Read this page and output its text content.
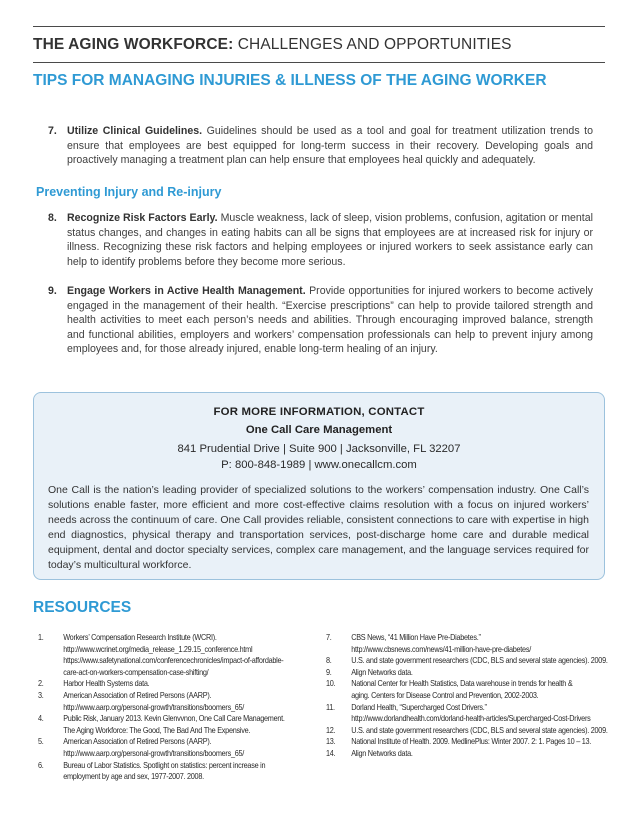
THE AGING WORKFORCE: CHALLENGES AND OPPORTUNITIES
TIPS FOR MANAGING INJURIES & ILLNESS OF THE AGING WORKER
7. Utilize Clinical Guidelines. Guidelines should be used as a tool and goal for treatment utilization trends to ensure that employees are best equipped for long-term success in their recovery. Developing goals and proactively managing a treatment plan can help ensure that employees heal quickly and adequately.
Preventing Injury and Re-injury
8. Recognize Risk Factors Early. Muscle weakness, lack of sleep, vision problems, confusion, agitation or mental status changes, and changes in eating habits can all be signs that employees are at increased risk for injury or illness. Recognizing these risk factors and helping employees or injured workers to seek assistance early can help to identify problems before they become more serious.
9. Engage Workers in Active Health Management. Provide opportunities for injured workers to become actively engaged in the management of their health. “Exercise prescriptions” can help to provide tailored strength and health activities to meet each person’s needs and abilities. Through encouraging improved balance, strength and functional abilities, employers and workers’ compensation professionals can help to prevent injury among employees and, for those already injured, enable long-term healing of an injury.
FOR MORE INFORMATION, CONTACT
One Call Care Management
841 Prudential Drive | Suite 900 | Jacksonville, FL 32207
P: 800-848-1989 | www.onecallcm.com
One Call is the nation’s leading provider of specialized solutions to the workers’ compensation industry. One Call’s solutions enable faster, more efficient and more cost-effective claims resolution with a focus on injured workers’ needs across the continuum of care. One Call provides reliable, consistent connections to care with expertise in high end diagnostics, physical therapy and transportation services, post-discharge home care and durable medical equipment, dental and doctor specialty services, complex care management, and the language services required for today’s multicultural workforce.
RESOURCES
1. Workers’ Compensation Research Institute (WCRI).
http://www.wcrinet.org/media_release_1.29.15_conference.html
https://www.safetynational.com/conferencechronicles/impact-of-affordable-
care-act-on-workers-compensation-case-shifting/
2. Harbor Health Systems data.
3. American Association of Retired Persons (AARP).
http://www.aarp.org/personal-growth/transitions/boomers_65/
4. Public Risk, January 2013. Kevin Glenvvnon, One Call Care Management.
The Aging Workforce: The Good, The Bad And The Expensive.
5. American Association of Retired Persons (AARP).
http://www.aarp.org/personal-growth/transitions/boomers_65/
6. Bureau of Labor Statistics. Spotlight on statistics: percent increase in
employment by age and sex, 1977-2007. 2008.
7. CBS News, “41 Million Have Pre-Diabetes.”
http://www.cbsnews.com/news/41-million-have-pre-diabetes/
8. U.S. and state government researchers (CDC, BLS and several state agencies). 2009.
9. Align Networks data.
10. National Center for Health Statistics, Data warehouse in trends for health &
aging. Centers for Disease Control and Prevention, 2002-2003.
11. Dorland Health, “Supercharged Cost Drivers.”
http://www.dorlandhealth.com/dorland-health-articles/Supercharged-Cost-Drivers
12. U.S. and state government researchers (CDC, BLS and several state agencies). 2009.
13. National Institute of Health. 2009. MedlinePlus: Winter 2007. 2: 1. Pages 10 – 13.
14. Align Networks data.
